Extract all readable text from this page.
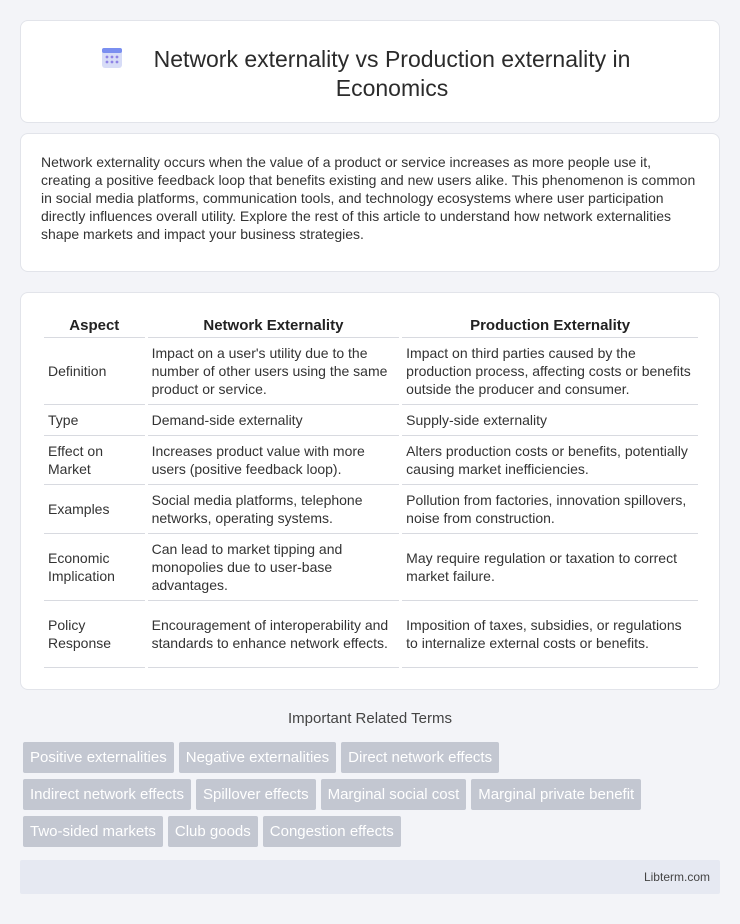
Network externality vs Production externality in Economics

Network externality occurs when the value of a product or service increases as more people use it, creating a positive feedback loop that benefits existing and new users alike. This phenomenon is common in social media platforms, communication tools, and technology ecosystems where user participation directly influences overall utility. Explore the rest of this article to understand how network externalities shape markets and impact your business strategies.

Aspect	Network Externality	Production Externality
Definition	Impact on a user's utility due to the number of other users using the same product or service.	Impact on third parties caused by the production process, affecting costs or benefits outside the producer and consumer.
Type	Demand-side externality	Supply-side externality
Effect on Market	Increases product value with more users (positive feedback loop).	Alters production costs or benefits, potentially causing market inefficiencies.
Examples	Social media platforms, telephone networks, operating systems.	Pollution from factories, innovation spillovers, noise from construction.
Economic Implication	Can lead to market tipping and monopolies due to user-base advantages.	May require regulation or taxation to correct market failure.
Policy Response	Encouragement of interoperability and standards to enhance network effects.	Imposition of taxes, subsidies, or regulations to internalize external costs or benefits.
Important Related Terms
Positive externalities Negative externalities Direct network effects
Indirect network effects Spillover effects Marginal social cost Marginal private benefit
Two-sided markets Club goods Congestion effects
Libterm.com
